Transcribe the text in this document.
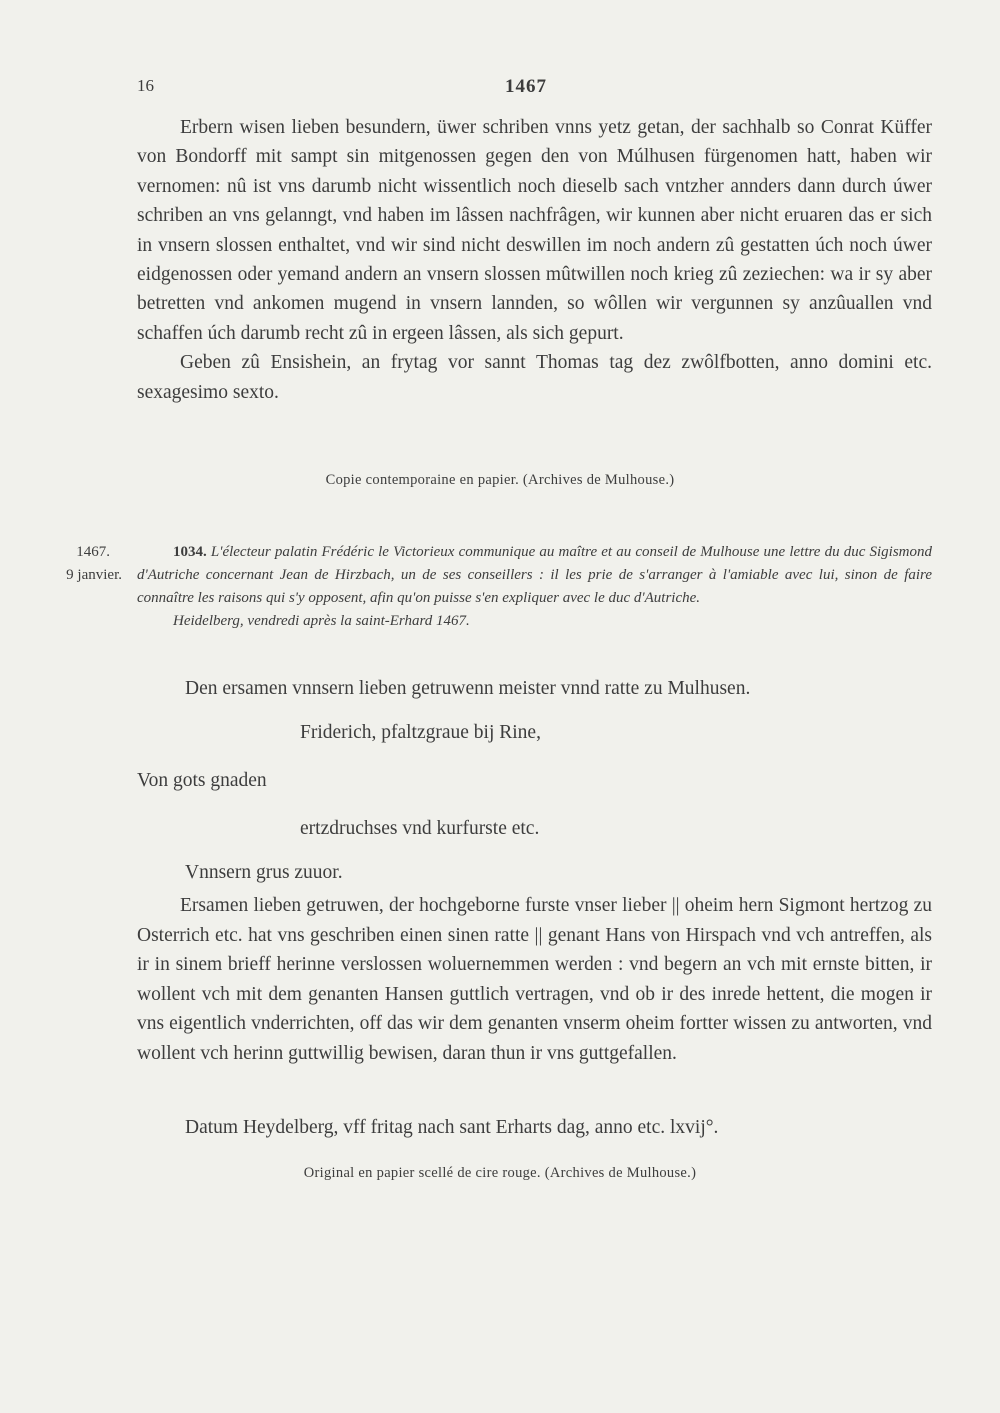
16	1467

Erbern wisen lieben besundern, üwer schriben vnns yetz getan, der sachhalb so Conrat Küffer von Bondorff mit sampt sin mitgenossen gegen den von Múlhusen fürgenomen hatt, haben wir vernomen: nû ist vns darumb nicht wissentlich noch dieselb sach vntzher annders dann durch úwer schriben an vns gelanngt, vnd haben im lâssen nachfrâgen, wir kunnen aber nicht eruaren das er sich in vnsern slossen enthaltet, vnd wir sind nicht deswillen im noch andern zû gestatten úch noch úwer eidgenossen oder yemand andern an vnsern slossen mûtwillen noch krieg zû zeziechen: wa ir sy aber betretten vnd ankomen mugend in vnsern lannden, so wôllen wir vergunnen sy anzûuallen vnd schaffen úch darumb recht zû in ergeen lâssen, als sich gepurt.

Geben zû Ensishein, an frytag vor sannt Thomas tag dez zwôlfbotten, anno domini etc. sexagesimo sexto.

Copie contemporaine en papier. (Archives de Mulhouse.)
1467.
9 janvier.

1034. L'électeur palatin Frédéric le Victorieux communique au maître et au conseil de Mulhouse une lettre du duc Sigismond d'Autriche concernant Jean de Hirzbach, un de ses conseillers : il les prie de s'arranger à l'amiable avec lui, sinon de faire connaître les raisons qui s'y opposent, afin qu'on puisse s'en expliquer avec le duc d'Autriche.

Heidelberg, vendredi après la saint-Erhard 1467.

Den ersamen vnnsern lieben getruwenn meister vnnd ratte zu Mulhusen.
Friderich, pfaltzgraue bij Rine,
Von gots gnaden
ertzdruchses vnd kurfurste etc.
Vnnsern grus zuuor.

Ersamen lieben getruwen, der hochgeborne furste vnser lieber || oheim hern Sigmont hertzog zu Osterrich etc. hat vns geschriben einen sinen ratte || genant Hans von Hirspach vnd vch antreffen, als ir in sinem brieff herinne verslossen woluernemmen werden : vnd begern an vch mit ernste bitten, ir wollent vch mit dem genanten Hansen guttlich vertragen, vnd ob ir des inrede hettent, die mogen ir vns eigentlich vnderrichten, off das wir dem genanten vnserm oheim fortter wissen zu antworten, vnd wollent vch herinn guttwillig bewisen, daran thun ir vns guttgefallen.

Datum Heydelberg, vff fritag nach sant Erharts dag, anno etc. lxvij°.
Original en papier scellé de cire rouge. (Archives de Mulhouse.)
